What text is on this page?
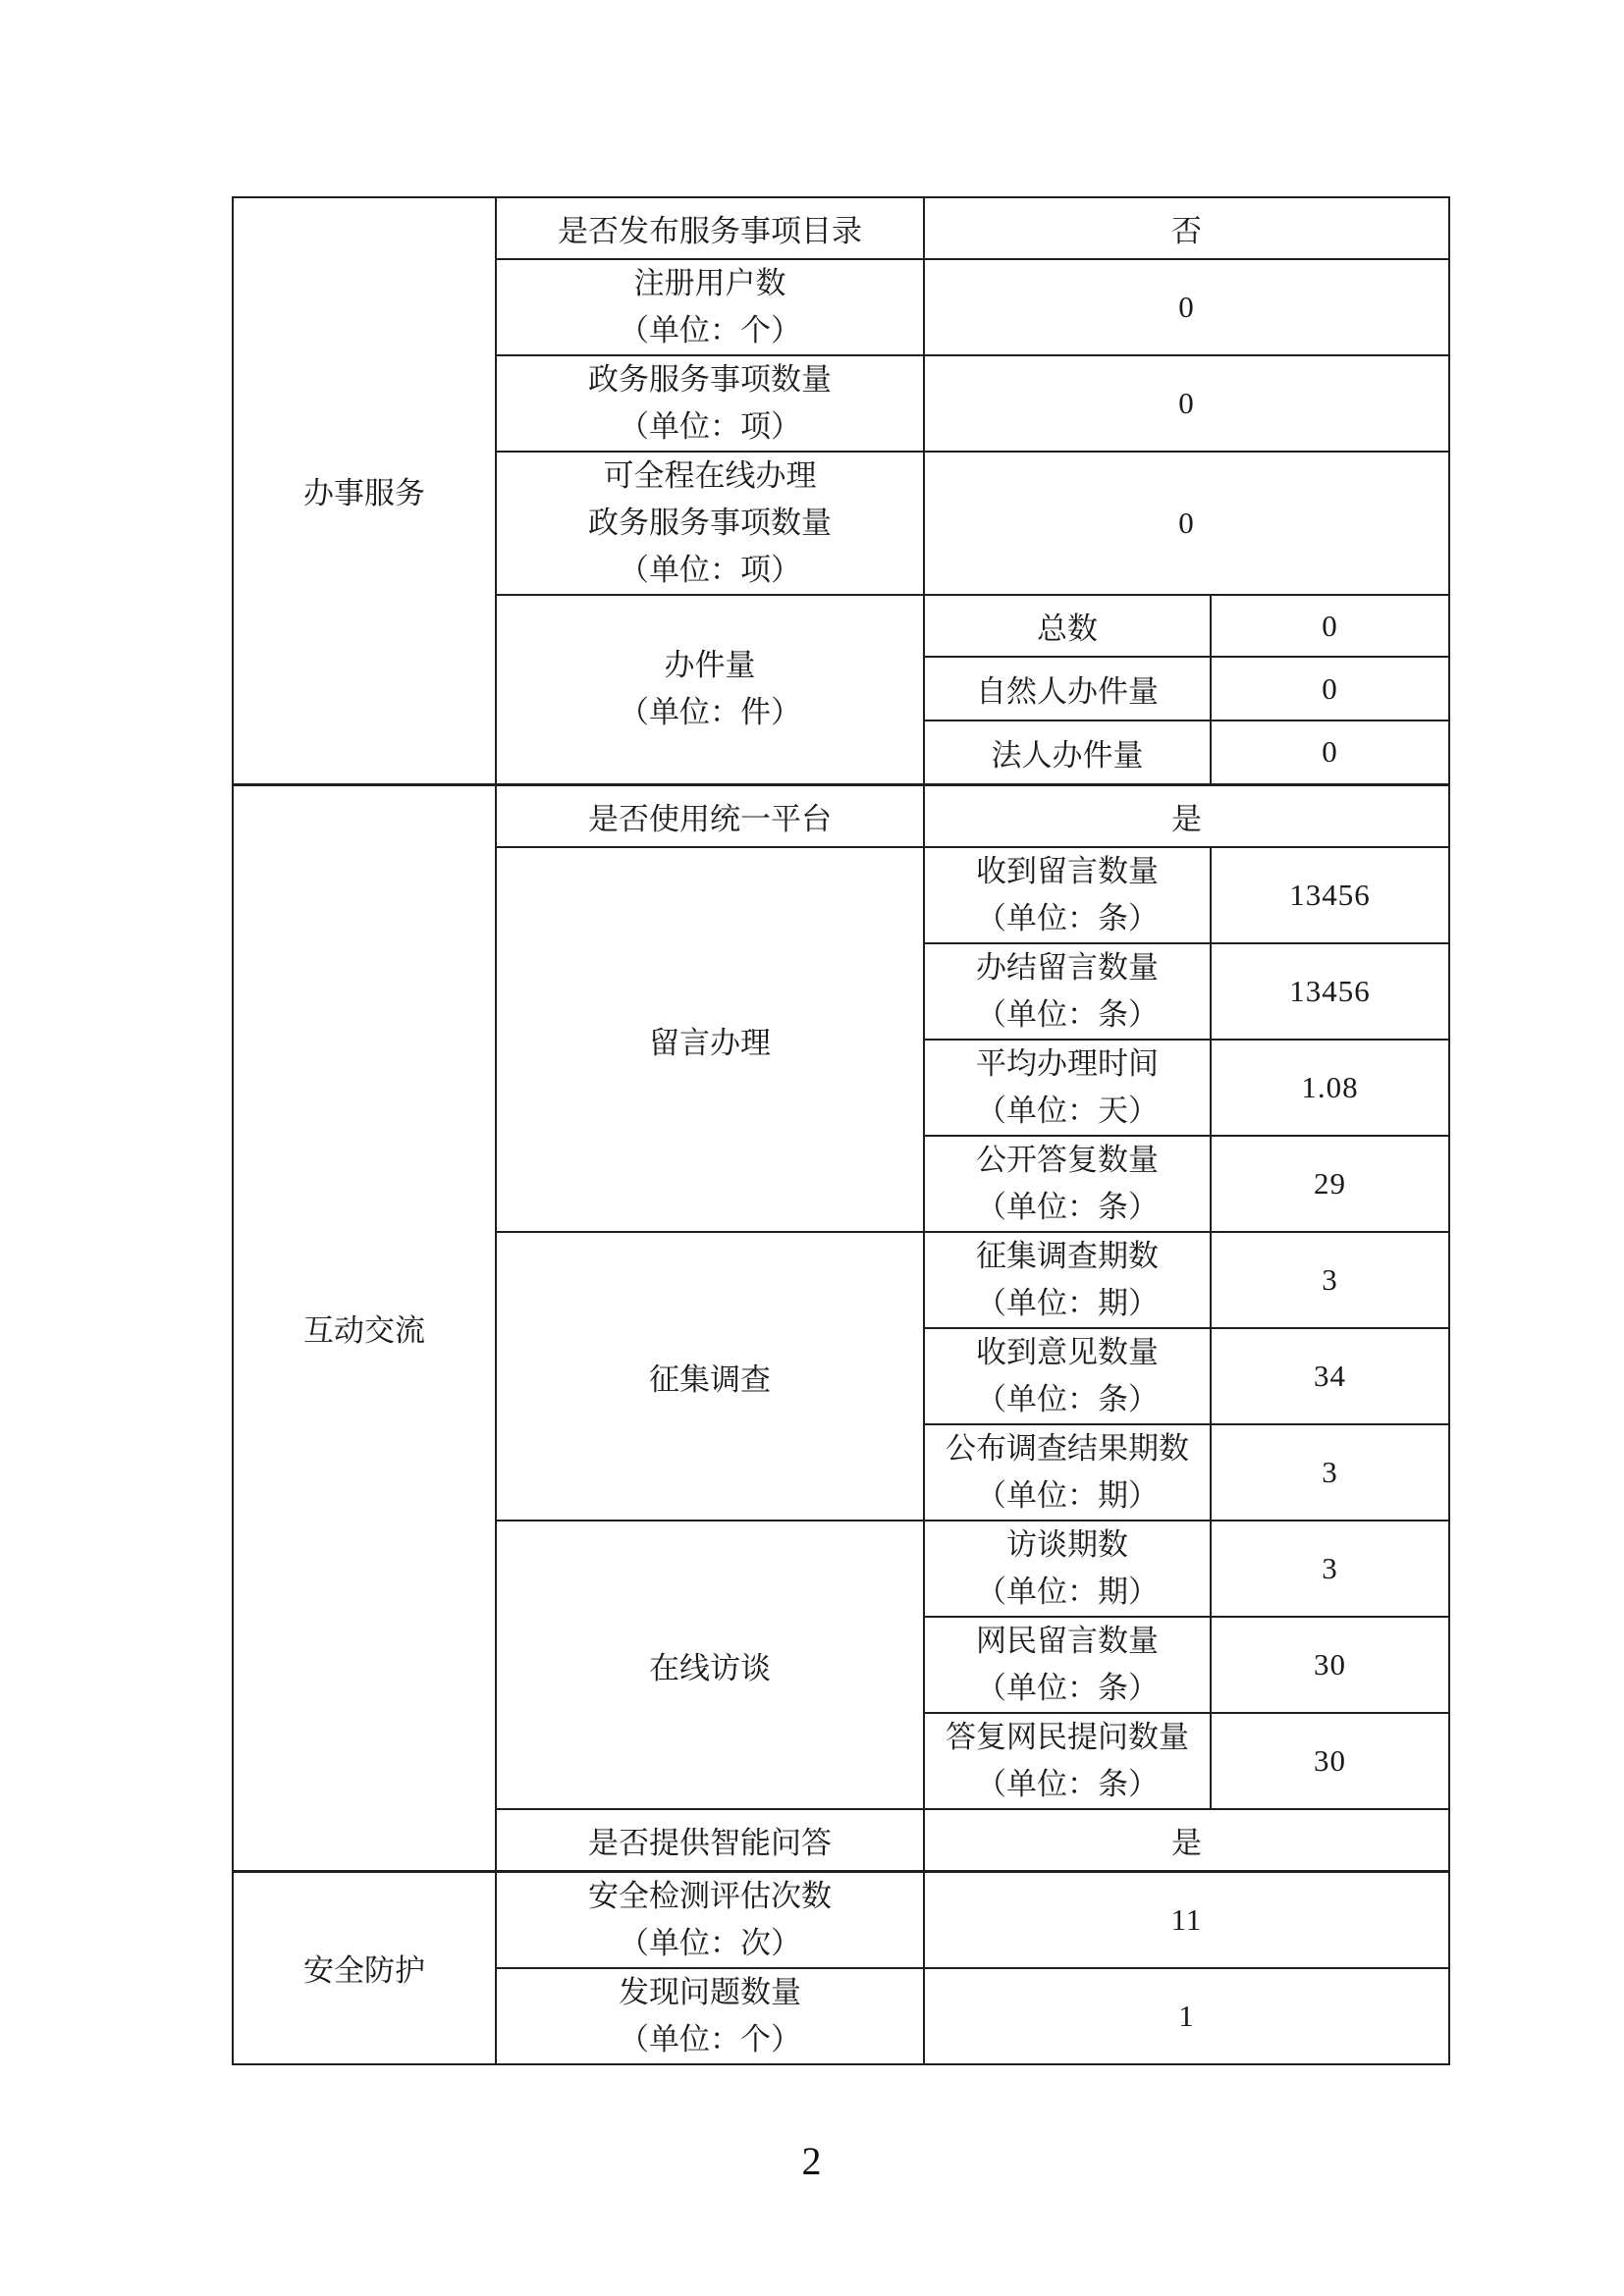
办事服务	是否发布服务事项目录	否	

	注册用户数
（单位：个）	0	

	政务服务事项数量
（单位：项）	0	

	可全程在线办理
政务服务事项数量
（单位：项）	0	

	办件量
（单位：件）	总数	0
		自然人办件量	0
		法人办件量	0
互动交流	是否使用统一平台	是	
	留言办理	收到留言数量
（单位：条）	13456

		办结留言数量
（单位：条）	13456

		平均办理时间
（单位：天）	1.08

		公开答复数量
（单位：条）	29
	征集调查	征集调查期数
（单位：期）	3

		收到意见数量
（单位：条）	34

		公布调查结果期数
（单位：期）	3
	在线访谈	访谈期数
（单位：期）	3

		网民留言数量
（单位：条）	30

		答复网民提问数量
（单位：条）	30
	是否提供智能问答	是	
安全防护	安全检测评估次数
（单位：次）	11	

	发现问题数量
（单位：个）	1	
2
